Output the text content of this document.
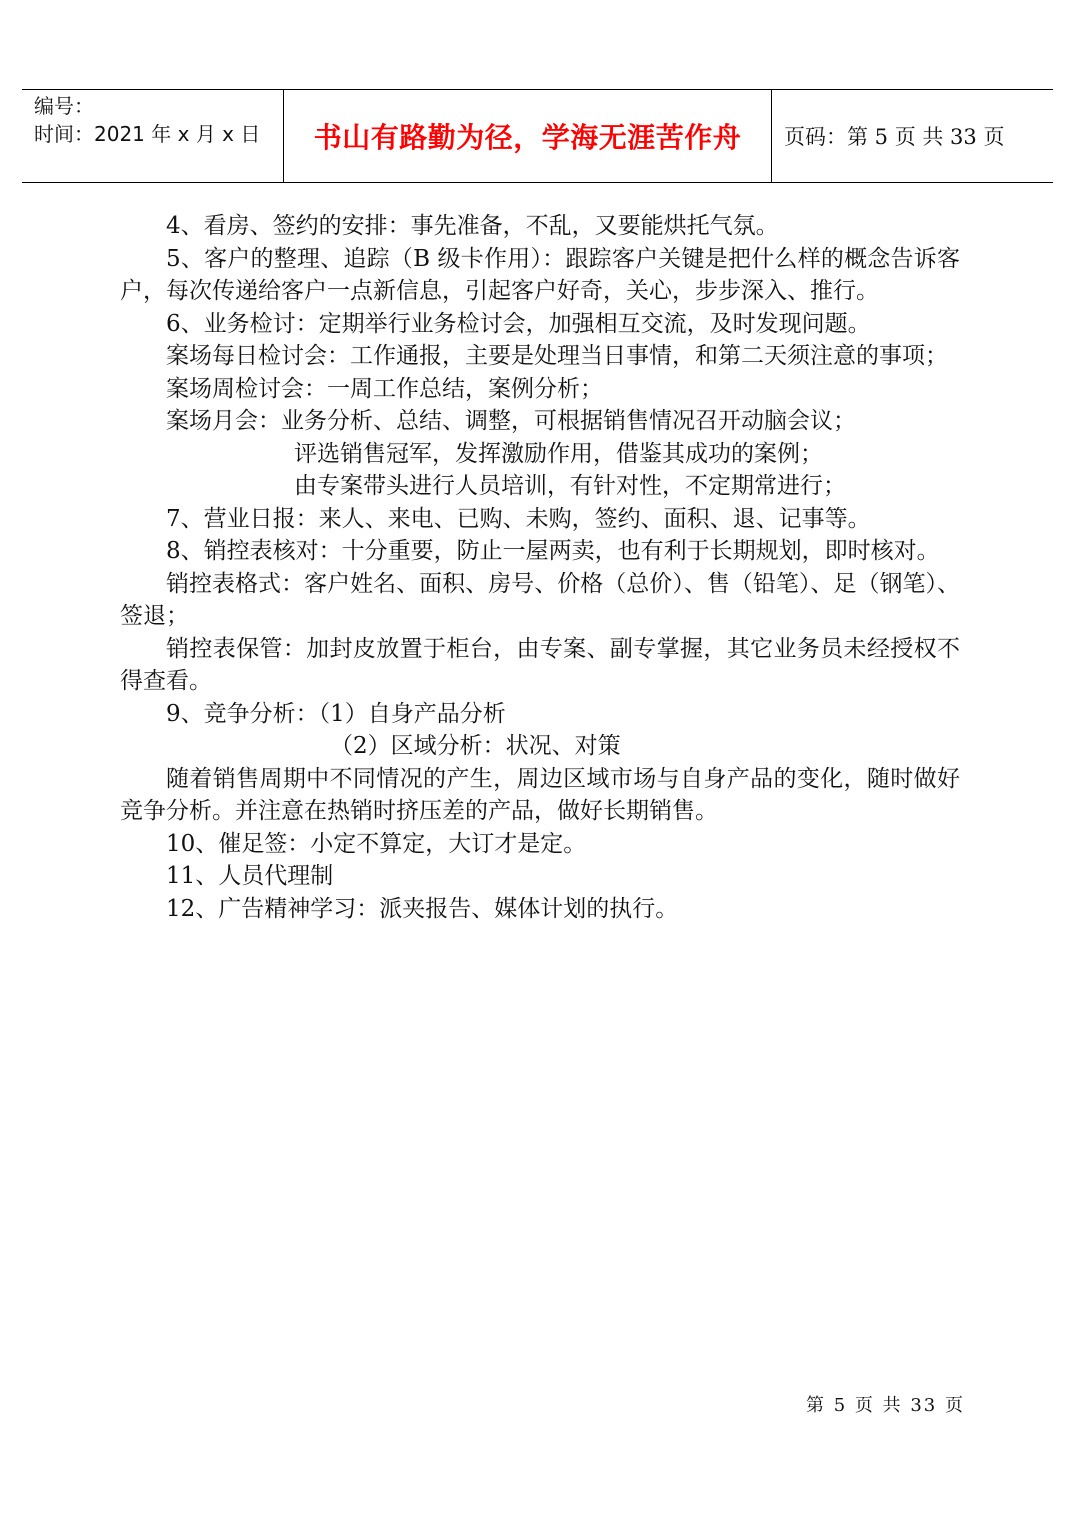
编号：
时间：2021 年 x 月 x 日	书山有路勤为径，学海无涯苦作舟	页码：第 5 页 共 33 页

4、看房、签约的安排：事先准备，不乱，又要能烘托气氛。

5、客户的整理、追踪（B 级卡作用）：跟踪客户关键是把什么样的概念告诉客户，每次传递给客户一点新信息，引起客户好奇，关心，步步深入、推行。

6、业务检讨：定期举行业务检讨会，加强相互交流，及时发现问题。

案场每日检讨会：工作通报，主要是处理当日事情，和第二天须注意的事项；

案场周检讨会：一周工作总结，案例分析；

案场月会：业务分析、总结、调整，可根据销售情况召开动脑会议；

评选销售冠军，发挥激励作用，借鉴其成功的案例；

由专案带头进行人员培训，有针对性，不定期常进行；

7、营业日报：来人、来电、已购、未购，签约、面积、退、记事等。

8、销控表核对：十分重要，防止一屋两卖，也有利于长期规划，即时核对。

销控表格式：客户姓名、面积、房号、价格（总价）、售（铅笔）、足（钢笔）、签退；

销控表保管：加封皮放置于柜台，由专案、副专掌握，其它业务员未经授权不得查看。

9、竞争分析：（1）自身产品分析

（2）区域分析：状况、对策

随着销售周期中不同情况的产生，周边区域市场与自身产品的变化，随时做好竞争分析。并注意在热销时挤压差的产品，做好长期销售。

10、催足签：小定不算定，大订才是定。

11、人员代理制

12、广告精神学习：派夹报告、媒体计划的执行。

第 5 页 共 33 页
